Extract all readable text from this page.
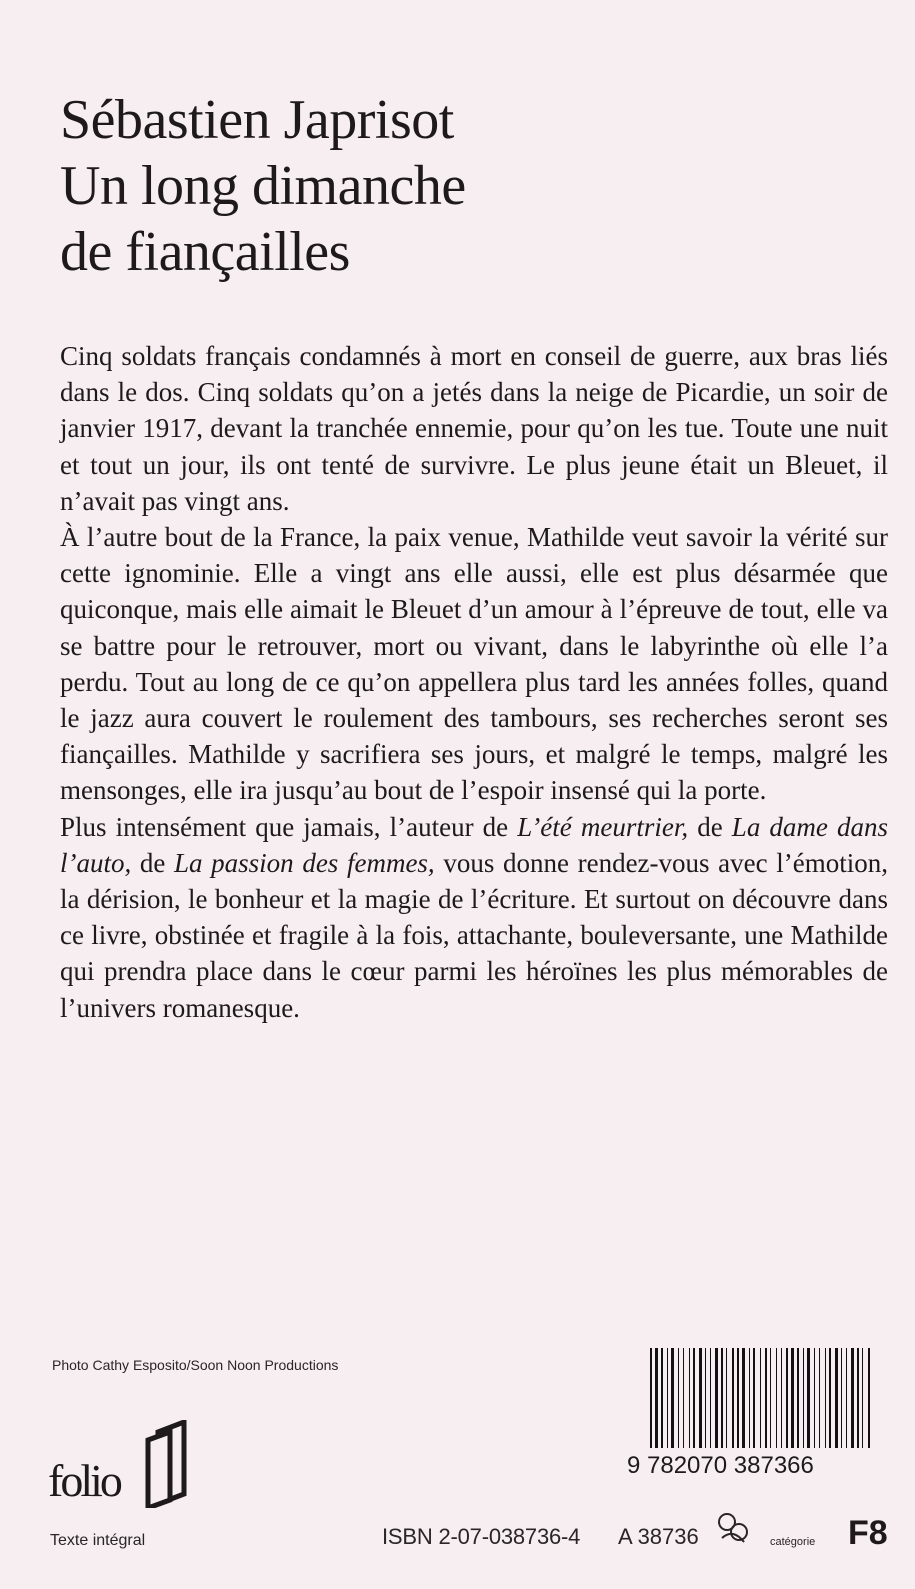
Sébastien Japrisot
Un long dimanche
de fiançailles

Cinq soldats français condamnés à mort en conseil de guerre, aux bras liés dans le dos. Cinq soldats qu’on a jetés dans la neige de Picardie, un soir de janvier 1917, devant la tranchée ennemie, pour qu’on les tue. Toute une nuit et tout un jour, ils ont tenté de survivre. Le plus jeune était un Bleuet, il n’avait pas vingt ans.

À l’autre bout de la France, la paix venue, Mathilde veut savoir la vérité sur cette ignominie. Elle a vingt ans elle aussi, elle est plus désarmée que quiconque, mais elle aimait le Bleuet d’un amour à l’épreuve de tout, elle va se battre pour le retrouver, mort ou vivant, dans le labyrinthe où elle l’a perdu. Tout au long de ce qu’on appellera plus tard les années folles, quand le jazz aura couvert le roulement des tambours, ses recherches seront ses fiançailles. Mathilde y sacrifiera ses jours, et malgré le temps, malgré les mensonges, elle ira jusqu’au bout de l’espoir insensé qui la porte.

Plus intensément que jamais, l’auteur de L’été meurtrier, de La dame dans l’auto, de La passion des femmes, vous donne rendez-vous avec l’émotion, la dérision, le bonheur et la magie de l’écriture. Et surtout on découvre dans ce livre, obstinée et fragile à la fois, attachante, bouleversante, une Mathilde qui prendra place dans le cœur parmi les héroïnes les plus mémorables de l’univers romanesque.

Photo Cathy Esposito/Soon Noon Productions
folio
Texte intégral
9 782070 387366
ISBN 2-07-038736-4 A 38736	catégorie F8
